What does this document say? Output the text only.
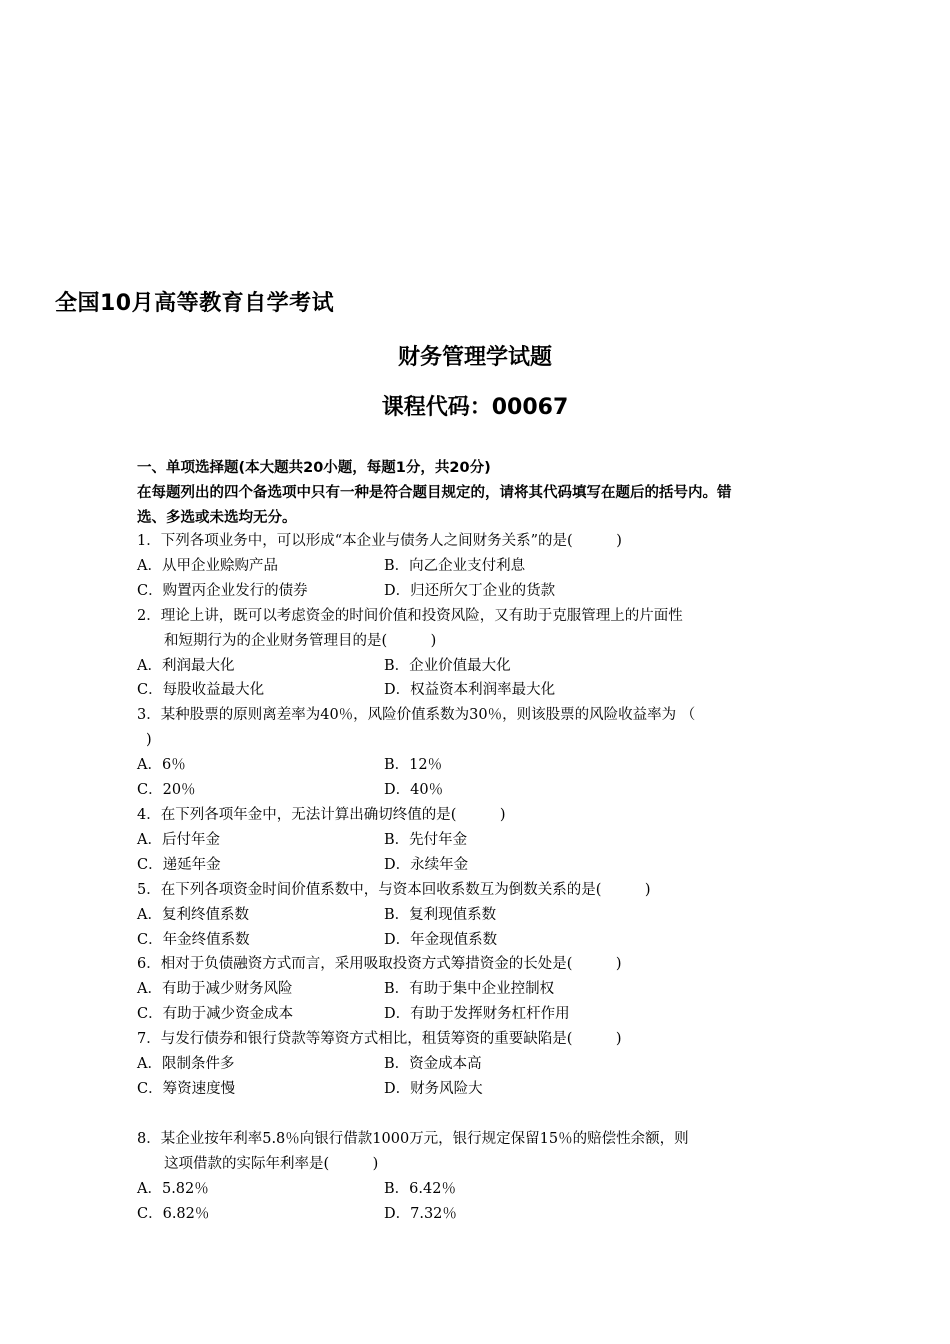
全国10月高等教育自学考试
财务管理学试题
课程代码：00067

一、单项选择题(本大题共20小题，每题1分，共20分)

在每题列出的四个备选项中只有一种是符合题目规定的，请将其代码填写在题后的括号内。错

选、多选或未选均无分。

1．下列各项业务中，可以形成“本企业与债务人之间财务关系”的是(　　　)
A．从甲企业赊购产品	B．向乙企业支付利息
C．购置丙企业发行的债券	D．归还所欠丁企业的货款
2．理论上讲，既可以考虑资金的时间价值和投资风险，又有助于克服管理上的片面性
和短期行为的企业财务管理目的是(　　　)
A．利润最大化	B．企业价值最大化
C．每股收益最大化	D．权益资本利润率最大化
3．某种股票的原则离差率为40％，风险价值系数为30％，则该股票的风险收益率为 （
)
A．6％	B．12％
C．20％	D．40％
4．在下列各项年金中，无法计算出确切终值的是(　　　)
A．后付年金	B．先付年金
C．递延年金	D．永续年金
5．在下列各项资金时间价值系数中，与资本回收系数互为倒数关系的是(　　　)
A．复利终值系数	B．复利现值系数
C．年金终值系数	D．年金现值系数
6．相对于负债融资方式而言，采用吸取投资方式筹措资金的长处是(　　　)
A．有助于减少财务风险	B．有助于集中企业控制权
C．有助于减少资金成本	D．有助于发挥财务杠杆作用
7．与发行债券和银行贷款等筹资方式相比，租赁筹资的重要缺陷是(　　　)
A．限制条件多	B．资金成本高
C．筹资速度慢	D．财务风险大
8．某企业按年利率5.8％向银行借款1000万元，银行规定保留15％的赔偿性余额，则
这项借款的实际年利率是(　　　)
A．5.82％	B．6.42％
C．6.82％	D．7.32％
